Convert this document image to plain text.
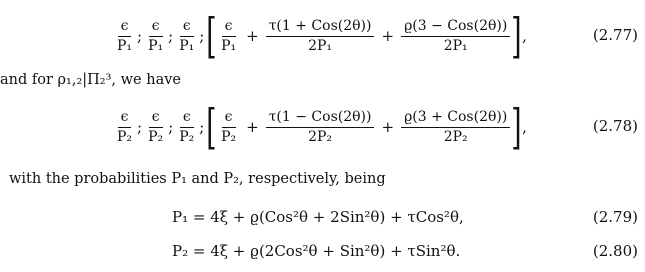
$\frac{\epsilon}{\text{P₁}}$ ; $\frac{\epsilon}{\text{P₁}}$ ; $\frac{\epsilon}{\text{P₁}}$ ; [ $\frac{\epsilon}{\text{P₁}} + \frac{\text{τ(1 + Cos(2θ))}}{\text{2P₁}} + \frac{\text{ϱ(3 − Cos(2θ))}}{\text{2P₁}}$ ] ,	(2.77)
and for ρ₁,₂|Π₂³, we have
$\frac{\epsilon}{\text{P₂}}$ ; $\frac{\epsilon}{\text{P₂}}$ ; $\frac{\epsilon}{\text{P₂}}$ ; [ $\frac{\epsilon}{\text{P₂}} + \frac{\text{τ(1 − Cos(2θ))}}{\text{2P₂}} + \frac{\text{ϱ(3 + Cos(2θ))}}{\text{2P₂}}$ ] ,	(2.78)
with the probabilities P₁ and P₂, respectively, being
P₁ = 4ξ + ϱ(Cos²θ + 2Sin²θ) + τCos²θ,	(2.79)
P₂ = 4ξ + ϱ(2Cos²θ + Sin²θ) + τSin²θ.	(2.80)
